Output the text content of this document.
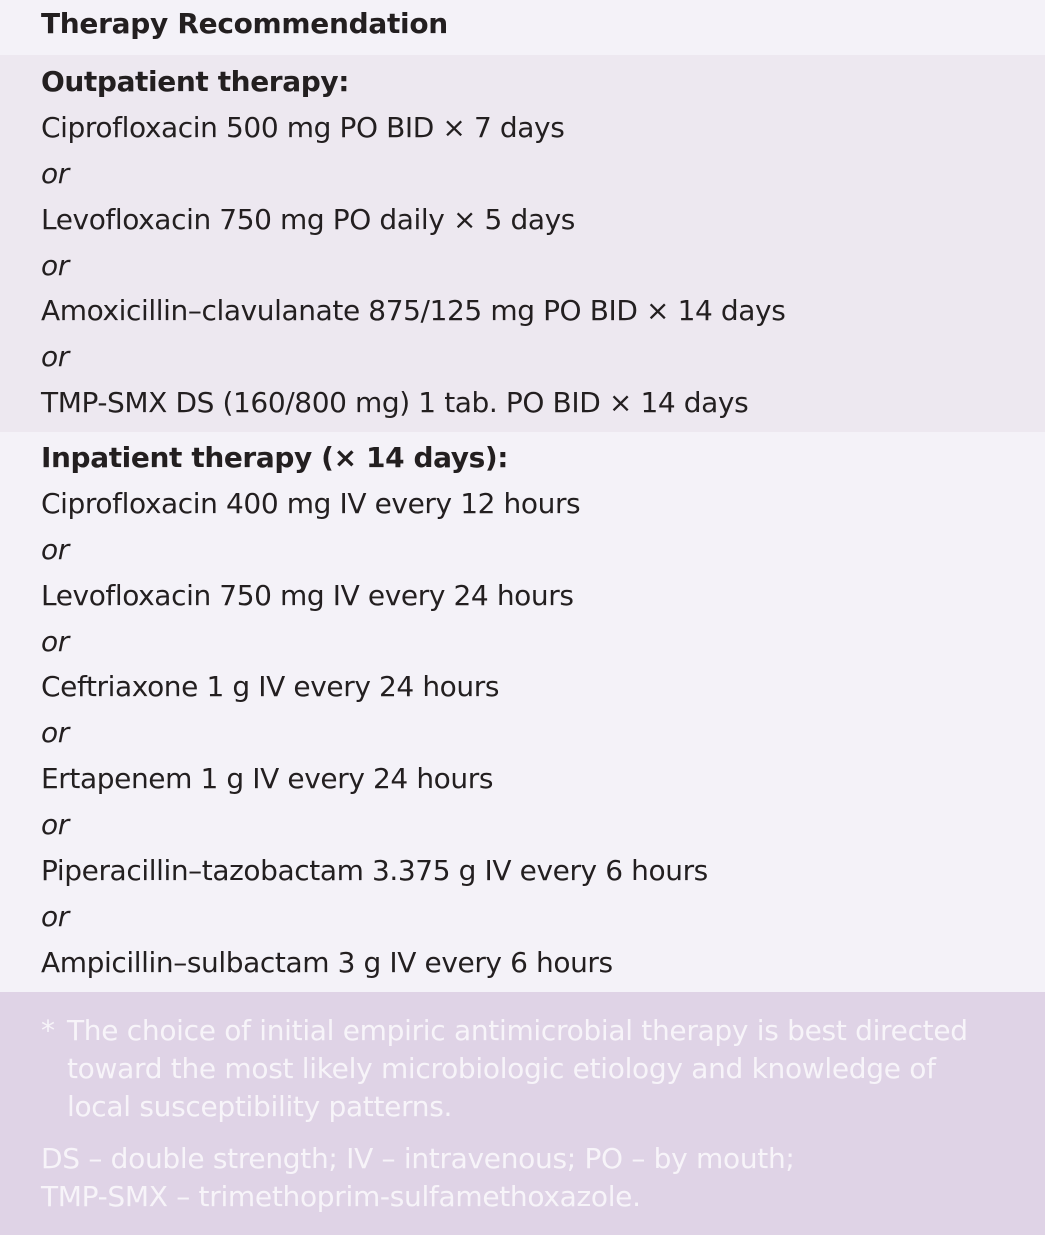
Therapy Recommendation
Outpatient therapy:
Ciprofloxacin 500 mg PO BID × 7 days
or
Levofloxacin 750 mg PO daily × 5 days
or
Amoxicillin–clavulanate 875/125 mg PO BID × 14 days
or
TMP-SMX DS (160/800 mg) 1 tab. PO BID × 14 days
Inpatient therapy (× 14 days):
Ciprofloxacin 400 mg IV every 12 hours
or
Levofloxacin 750 mg IV every 24 hours
or
Ceftriaxone 1 g IV every 24 hours
or
Ertapenem 1 g IV every 24 hours
or
Piperacillin–tazobactam 3.375 g IV every 6 hours
or
Ampicillin–sulbactam 3 g IV every 6 hours
* The choice of initial empiric antimicrobial therapy is best directed toward the most likely microbiologic etiology and knowledge of local susceptibility patterns.
DS – double strength; IV – intravenous; PO – by mouth;
TMP-SMX – trimethoprim-sulfamethoxazole.
